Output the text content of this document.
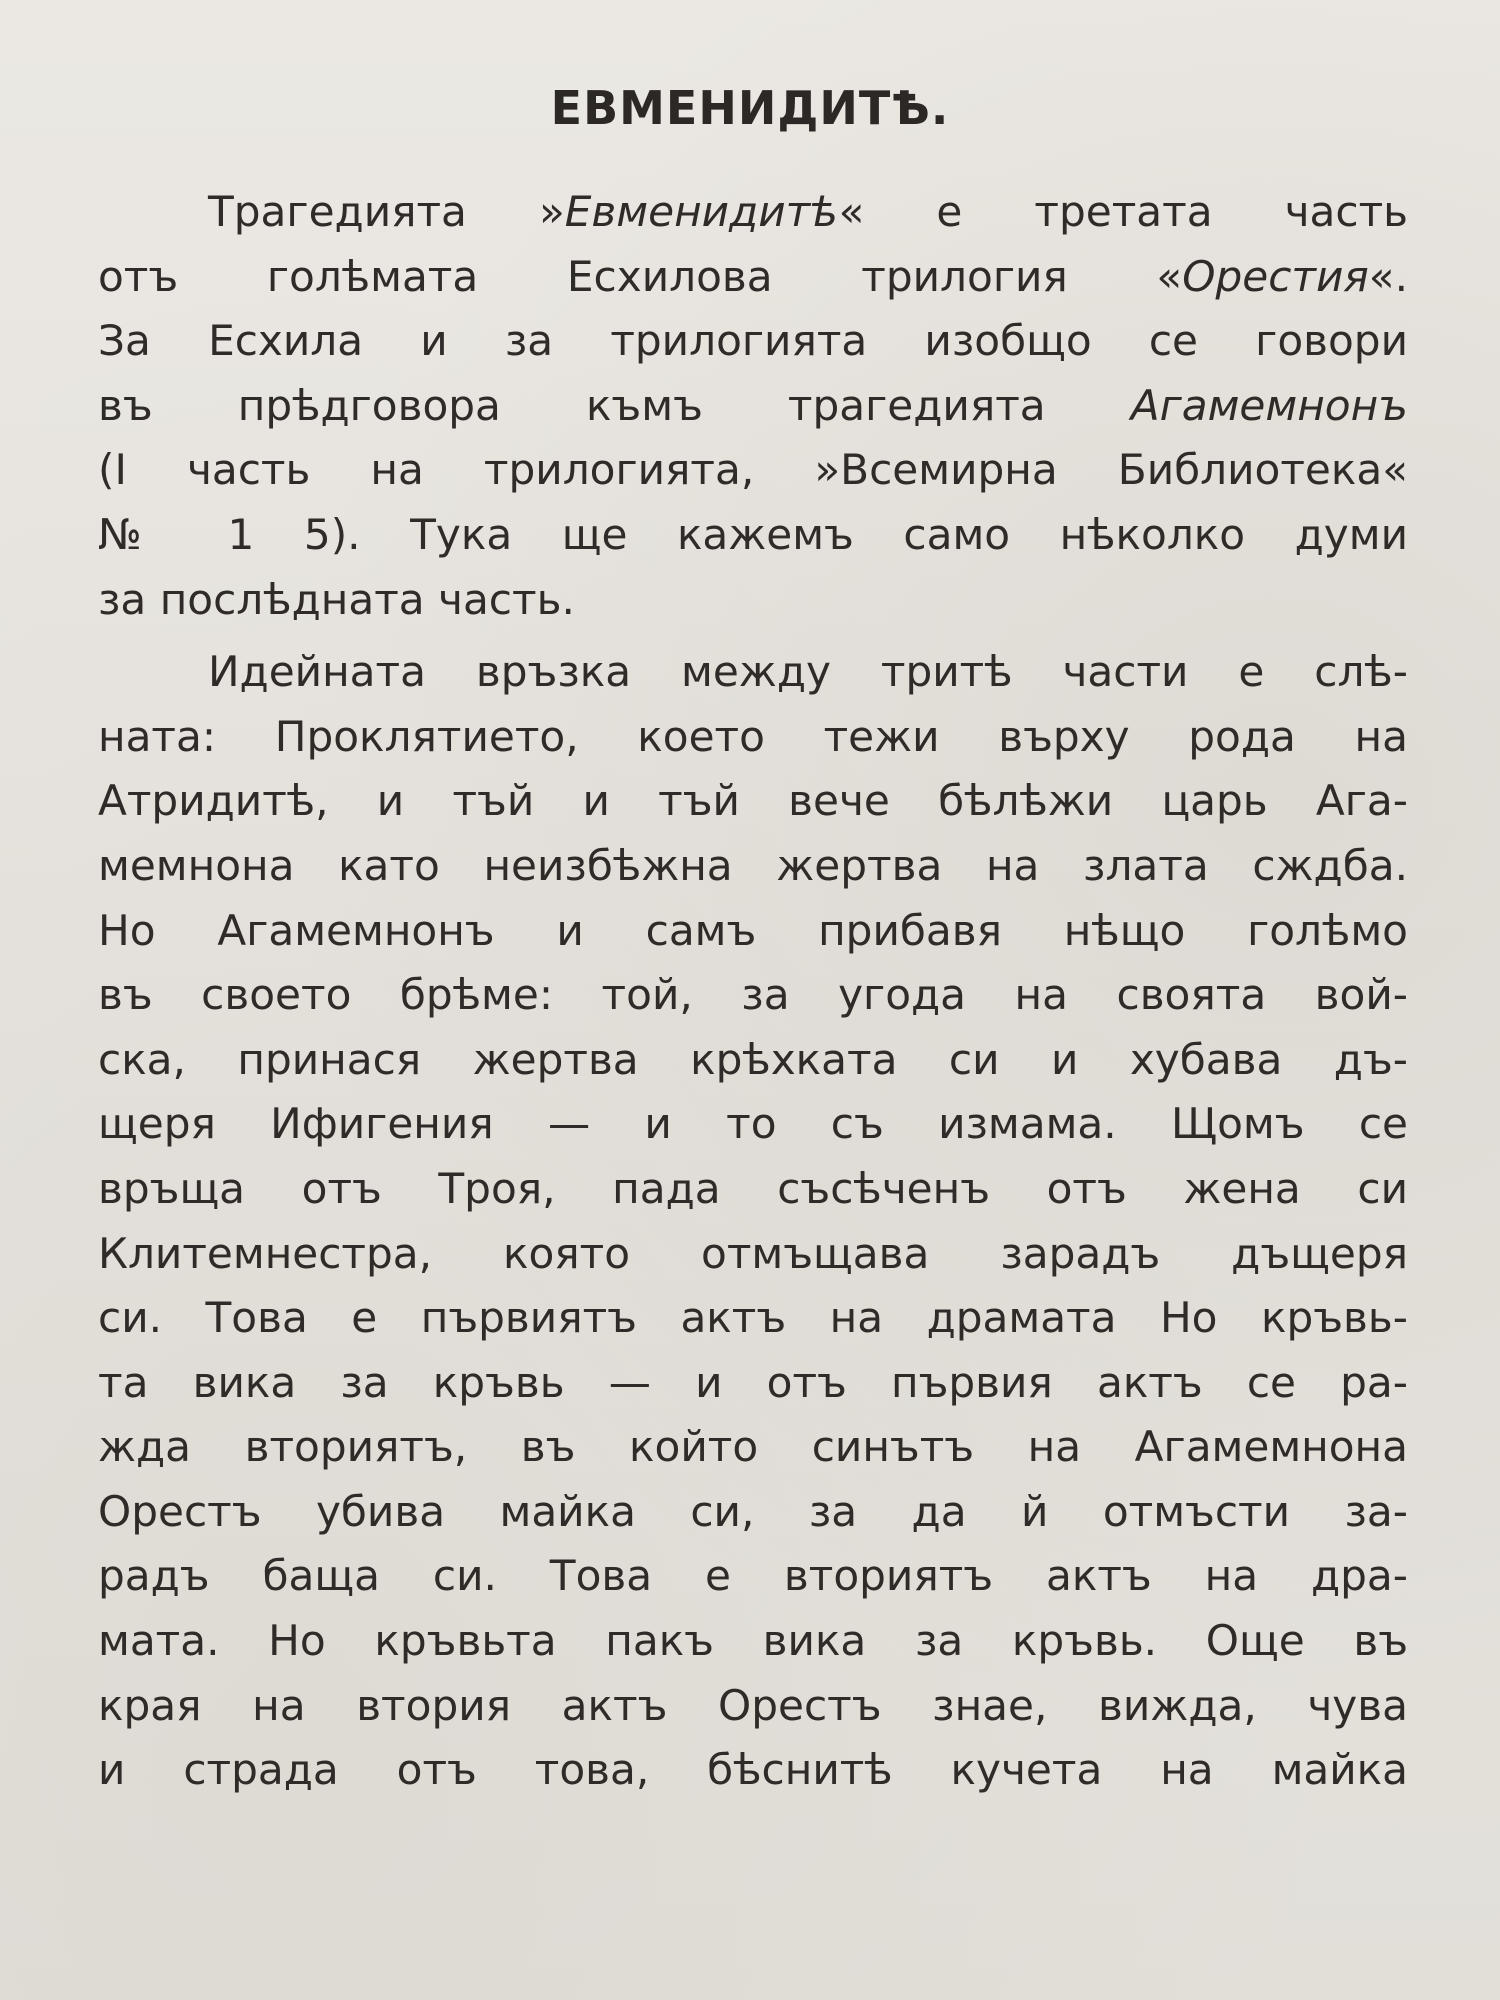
ЕВМЕНИДИТѢ.
Трагедията »Евменидитѣ« е третата часть
отъ голѣмата Есхилова трилогия «Орестия«.
За Есхила и за трилогията изобщо се говори
въ прѣдговора къмъ трагедията Агамемнонъ
(I часть на трилогията, »Всемирна Библиотека«
№ 1 5). Тука ще кажемъ само нѣколко думи
за послѣдната часть.
Идейната връзка между тритѣ части е слѣ-
ната: Проклятието, което тежи върху рода на
Атридитѣ, и тъй и тъй вече бѣлѣжи царь Ага-
мемнона като неизбѣжна жертва на злата сждба.
Но Агамемнонъ и самъ прибавя нѣщо голѣмо
въ своето брѣме: той, за угода на своята вой-
ска, принася жертва крѣхката си и хубава дъ-
щеря Ифигения — и то съ измама. Щомъ се
връща отъ Троя, пада съсѣченъ отъ жена си
Клитемнестра, която отмъщава зарадъ дъщеря
си. Това е първиятъ актъ на драмата Но кръвь-
та вика за кръвь — и отъ първия актъ се ра-
жда вториятъ, въ който синътъ на Агамемнона
Орестъ убива майка си, за да й отмъсти за-
радъ баща си. Това е вториятъ актъ на дра-
мата. Но кръвьта пакъ вика за кръвь. Още въ
края на втория актъ Орестъ знае, вижда, чува
и страда отъ това, бѣснитѣ кучета на майка
